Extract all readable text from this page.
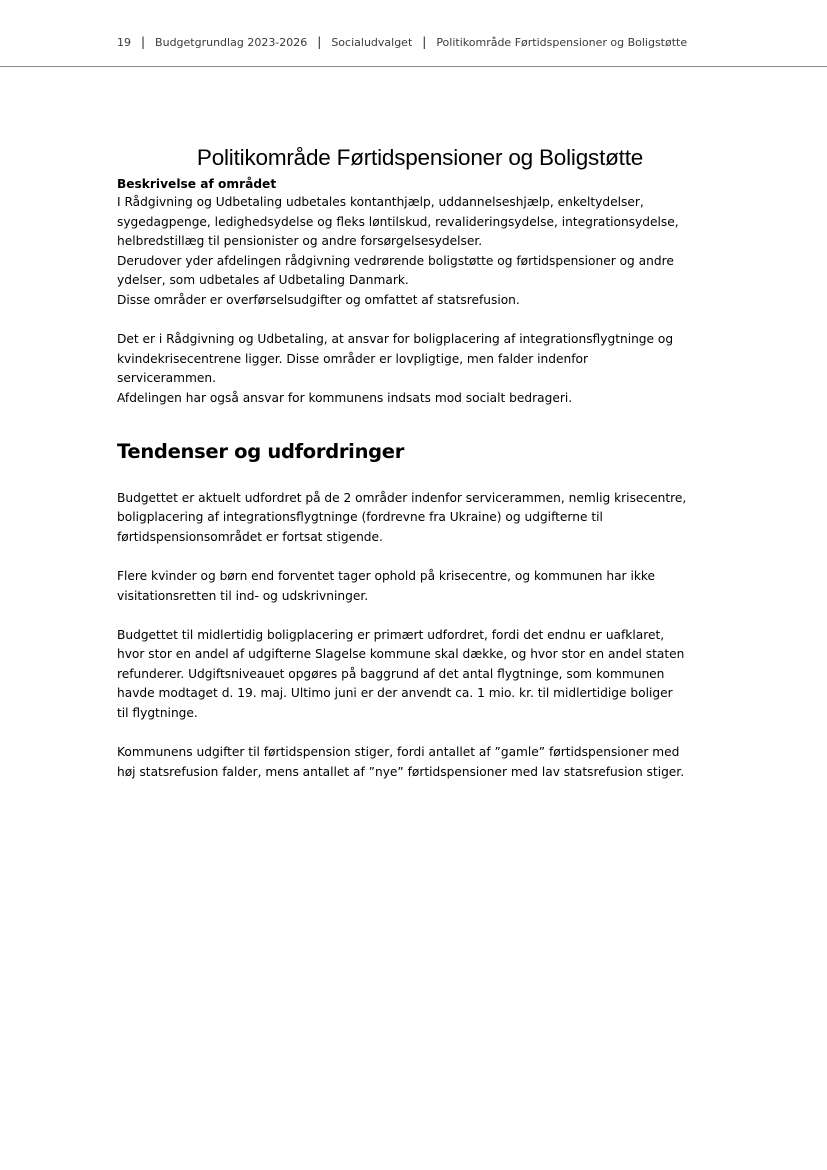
19 | Budgetgrundlag 2023-2026 | Socialudvalget | Politikområde Førtidspensioner og Boligstøtte
Politikområde Førtidspensioner og Boligstøtte
Beskrivelse af området

I Rådgivning og Udbetaling udbetales kontanthjælp, uddannelseshjælp, enkeltydelser,

sygedagpenge, ledighedsydelse og fleks løntilskud, revalideringsydelse, integrationsydelse,

helbredstillæg til pensionister og andre forsørgelsesydelser.

Derudover yder afdelingen rådgivning vedrørende boligstøtte og førtidspensioner og andre

ydelser, som udbetales af Udbetaling Danmark.

Disse områder er overførselsudgifter og omfattet af statsrefusion.

Det er i Rådgivning og Udbetaling, at ansvar for boligplacering af integrationsflygtninge og

kvindekrisecentrene ligger. Disse områder er lovpligtige, men falder indenfor

servicerammen.

Afdelingen har også ansvar for kommunens indsats mod socialt bedrageri.

Tendenser og udfordringer

Budgettet er aktuelt udfordret på de 2 områder indenfor servicerammen, nemlig krisecentre,

boligplacering af integrationsflygtninge (fordrevne fra Ukraine) og udgifterne til

førtidspensionsområdet er fortsat stigende.

Flere kvinder og børn end forventet tager ophold på krisecentre, og kommunen har ikke

visitationsretten til ind- og udskrivninger.

Budgettet til midlertidig boligplacering er primært udfordret, fordi det endnu er uafklaret,

hvor stor en andel af udgifterne Slagelse kommune skal dække, og hvor stor en andel staten

refunderer. Udgiftsniveauet opgøres på baggrund af det antal flygtninge, som kommunen

havde modtaget d. 19. maj. Ultimo juni er der anvendt ca. 1 mio. kr. til midlertidige boliger

til flygtninge.

Kommunens udgifter til førtidspension stiger, fordi antallet af ”gamle” førtidspensioner med

høj statsrefusion falder, mens antallet af ”nye” førtidspensioner med lav statsrefusion stiger.
